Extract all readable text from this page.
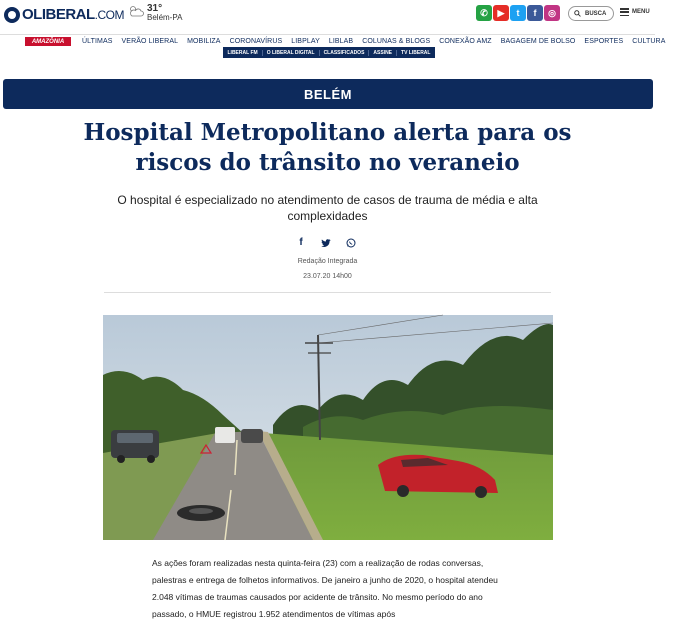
OLIBERAL.COM 31°
Belém-PA	✆	▶	t	f	◎	BUSCA	MENU
AMAZÔNIA	ÚLTIMAS VERÃO LIBERAL MOBILIZA CORONAVÍRUS LIBPLAY LIBLAB COLUNAS & BLOGS CONEXÃO AMZ BAGAGEM DE BOLSO ESPORTES CULTURA
LIBERAL FM	O LIBERAL DIGITAL	CLASSIFICADOS	ASSINE	TV LIBERAL
BELÉM
Hospital Metropolitano alerta para os riscos do trânsito no veraneio

O hospital é especializado no atendimento de casos de trauma de média e alta complexidades

f
Redação Integrada
23.07.20 14h00

As ações foram realizadas nesta quinta-feira (23) com a realização de rodas conversas, palestras e entrega de folhetos informativos. De janeiro a junho de 2020, o hospital atendeu 2.048 vítimas de traumas causados por acidente de trânsito. No mesmo período do ano passado, o HMUE registrou 1.952 atendimentos de vítimas após
